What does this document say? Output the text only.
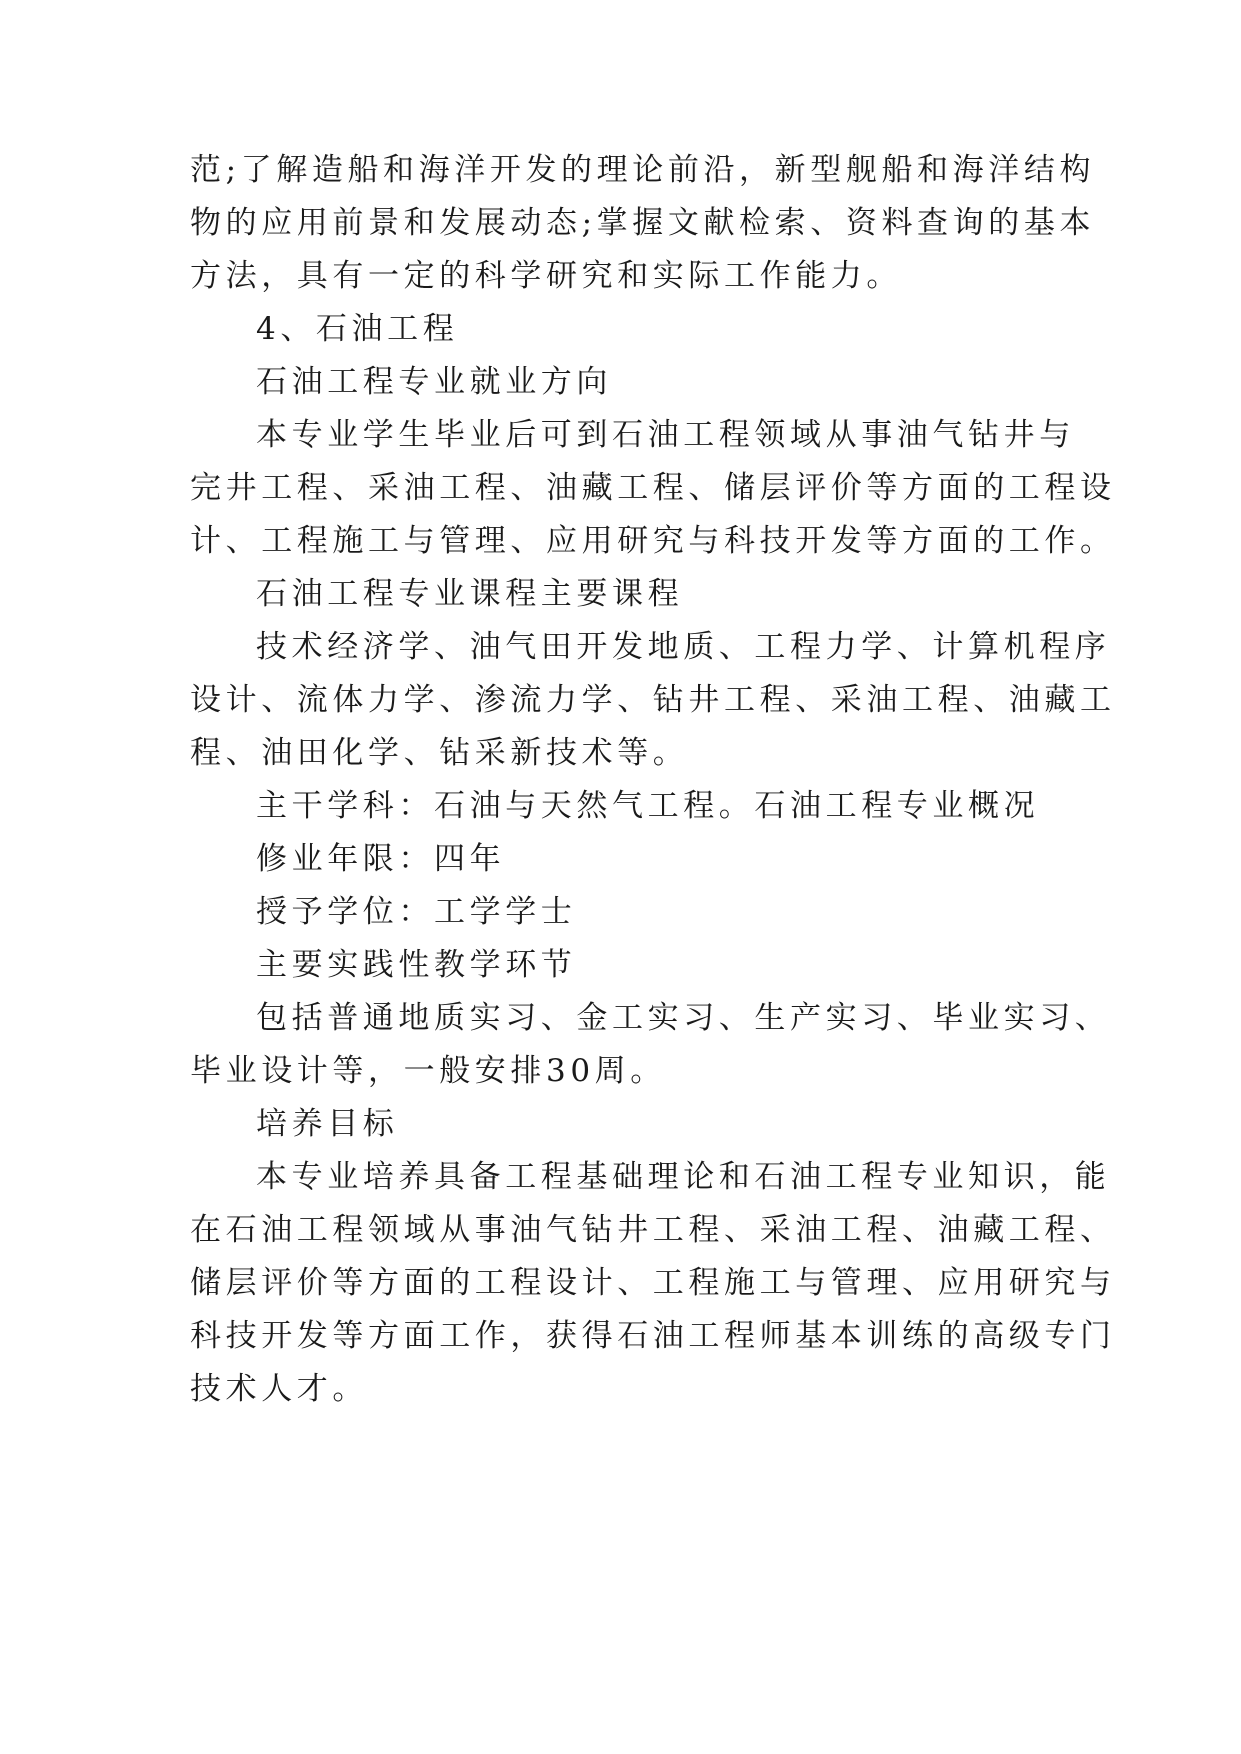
范;了解造船和海洋开发的理论前沿，新型舰船和海洋结构
物的应用前景和发展动态;掌握文献检索、资料查询的基本
方法，具有一定的科学研究和实际工作能力。
4、石油工程
石油工程专业就业方向
本专业学生毕业后可到石油工程领域从事油气钻井与
完井工程、采油工程、油藏工程、储层评价等方面的工程设
计、工程施工与管理、应用研究与科技开发等方面的工作。
石油工程专业课程主要课程
技术经济学、油气田开发地质、工程力学、计算机程序
设计、流体力学、渗流力学、钻井工程、采油工程、油藏工
程、油田化学、钻采新技术等。
主干学科：石油与天然气工程。石油工程专业概况
修业年限：四年
授予学位：工学学士
主要实践性教学环节
包括普通地质实习、金工实习、生产实习、毕业实习、
毕业设计等，一般安排30周。
培养目标
本专业培养具备工程基础理论和石油工程专业知识，能
在石油工程领域从事油气钻井工程、采油工程、油藏工程、
储层评价等方面的工程设计、工程施工与管理、应用研究与
科技开发等方面工作，获得石油工程师基本训练的高级专门
技术人才。
